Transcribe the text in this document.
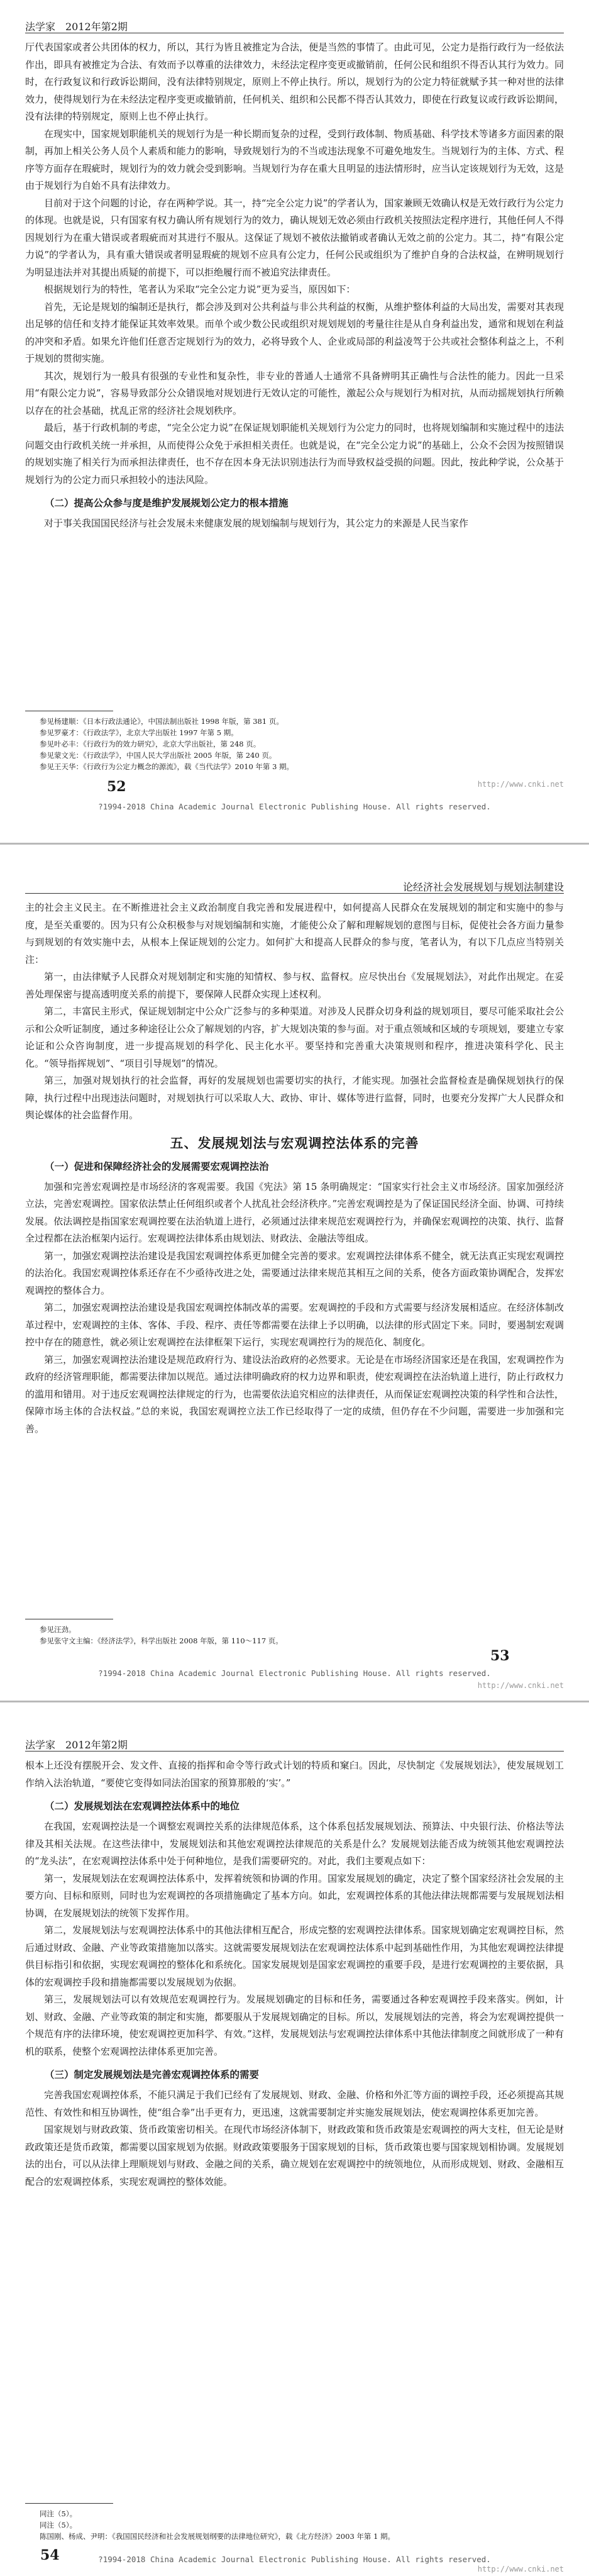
法学家　2012年第2期

厅代表国家或者公共团体的权力，所以，其行为皆且被推定为合法，便是当然的事情了。由此可见，公定力是指行政行为一经依法作出，即具有被推定为合法、有效而予以尊重的法律效力，未经法定程序变更或撤销前，任何公民和组织不得否认其行为效力。同时，在行政复议和行政诉讼期间，没有法律特别规定，原则上不停止执行。所以，规划行为的公定力特征就赋予其一种对世的法律效力，使得规划行为在未经法定程序变更或撤销前，任何机关、组织和公民都不得否认其效力，即使在行政复议或行政诉讼期间，没有法律的特别规定，原则上也不停止执行。

在现实中，国家规划职能机关的规划行为是一种长期而复杂的过程，受到行政体制、物质基础、科学技术等诸多方面因素的限制，再加上相关公务人员个人素质和能力的影响，导致规划行为的不当或违法现象不可避免地发生。当规划行为的主体、方式、程序等方面存在瑕疵时，规划行为的效力就会受到影响。当规划行为存在重大且明显的违法情形时，应当认定该规划行为无效，这是由于规划行为自始不具有法律效力。

目前对于这个问题的讨论，存在两种学说。其一，持“完全公定力说”的学者认为，国家兼顾无效确认权是无效行政行为公定力的体现。也就是说，只有国家有权力确认所有规划行为的效力，确认规划无效必须由行政机关按照法定程序进行，其他任何人不得因规划行为在重大错误或者瑕疵而对其进行不服从。这保证了规划不被依法撤销或者确认无效之前的公定力。其二，持“有限公定力说”的学者认为，具有重大错误或者明显瑕疵的规划不应具有公定力，任何公民或组织为了维护自身的合法权益，在辨明规划行为明显违法并对其提出质疑的前提下，可以拒绝履行而不被追究法律责任。

根据规划行为的特性，笔者认为采取“完全公定力说”更为妥当，原因如下：

首先，无论是规划的编制还是执行，都会涉及到对公共利益与非公共利益的权衡，从维护整体利益的大局出发，需要对其表现出足够的信任和支持才能保证其效率效果。而单个或少数公民或组织对规划规划的考量往往是从自身利益出发，通常和规划在利益的冲突和矛盾。如果允许他们任意否定规划行为的效力，必将导致个人、企业或局部的利益凌驾于公共或社会整体利益之上，不利于规划的贯彻实施。

其次，规划行为一般具有很强的专业性和复杂性，非专业的普通人士通常不具备辨明其正确性与合法性的能力。因此一旦采用“有限公定力说”，容易导致部分公众错误地对规划进行无效认定的可能性，激起公众与规划行为相对抗，从而动摇规划执行所赖以存在的社会基础，扰乱正常的经济社会规划秩序。

最后，基于行政机制的考虑，“完全公定力说”在保证规划职能机关规划行为公定力的同时，也将规划编制和实施过程中的违法问题交由行政机关统一并承担，从而使得公众免于承担相关责任。也就是说，在“完全公定力说”的基础上，公众不会因为按照错误的规划实施了相关行为而承担法律责任，也不存在因本身无法识别违法行为而导致权益受损的问题。因此，按此种学说，公众基于规划行为的公定力而只承担较小的违法风险。

（二）提高公众参与度是维护发展规划公定力的根本措施

对于事关我国国民经济与社会发展未来健康发展的规划编制与规划行为，其公定力的来源是人民当家作

参见杨建顺：《日本行政法通论》，中国法制出版社 1998 年版，第 381 页。
参见罗豪才：《行政法学》，北京大学出版社 1997 年第 5 期。
参见叶必丰：《行政行为的效力研究》，北京大学出版社，第 248 页。
参见蒙文光：《行政法学》，中国人民大学出版社 2005 年版，第 240 页。
参见王天华：《行政行为公定力概念的源流》，载《当代法学》2010 年第 3 期。
52
?1994-2018 China Academic Journal Electronic Publishing House. All rights reserved.
http://www.cnki.net
论经济社会发展规划与规划法制建设

主的社会主义民主。在不断推进社会主义政治制度自我完善和发展进程中，如何提高人民群众在发展规划的制定和实施中的参与度，是至关重要的。因为只有公众积极参与对规划编制和实施，才能使公众了解和理解规划的意图与目标，促使社会各方面力量参与到规划的有效实施中去，从根本上保证规划的公定力。如何扩大和提高人民群众的参与度，笔者认为，有以下几点应当特别关注：

第一，由法律赋予人民群众对规划制定和实施的知情权、参与权、监督权。应尽快出台《发展规划法》，对此作出规定。在妥善处理保密与提高透明度关系的前提下，要保障人民群众实现上述权利。

第二，丰富民主形式，保证规划制定中公众广泛参与的多种渠道。对涉及人民群众切身利益的规划项目，要尽可能采取社会公示和公众听证制度，通过多种途径让公众了解规划的内容，扩大规划决策的参与面。对于重点领域和区域的专项规划，要建立专家论证和公众咨询制度，进一步提高规划的科学化、民主化水平。要坚持和完善重大决策规则和程序，推进决策科学化、民主化。“领导指挥规划”、“项目引导规划”的情况。

第三，加强对规划执行的社会监督，再好的发展规划也需要切实的执行，才能实现。加强社会监督检查是确保规划执行的保障，执行过程中出现违法问题时，对规划执行可以采取人大、政协、审计、媒体等进行监督，同时，也要充分发挥广大人民群众和舆论媒体的社会监督作用。

五、发展规划法与宏观调控法体系的完善
（一）促进和保障经济社会的发展需要宏观调控法治

加强和完善宏观调控是市场经济的客观需要。我国《宪法》第 15 条明确规定：“国家实行社会主义市场经济。国家加强经济立法，完善宏观调控。国家依法禁止任何组织或者个人扰乱社会经济秩序。”完善宏观调控是为了保证国民经济全面、协调、可持续发展。依法调控是指国家宏观调控要在法治轨道上进行，必须通过法律来规范宏观调控行为，并确保宏观调控的决策、执行、监督全过程都在法治框架内运行。宏观调控法律体系由规划法、财政法、金融法等组成。

第一，加强宏观调控法治建设是我国宏观调控体系更加健全完善的要求。宏观调控法律体系不健全，就无法真正实现宏观调控的法治化。我国宏观调控体系还存在不少亟待改进之处，需要通过法律来规范其相互之间的关系，使各方面政策协调配合，发挥宏观调控的整体合力。

第二，加强宏观调控法治建设是我国宏观调控体制改革的需要。宏观调控的手段和方式需要与经济发展相适应。在经济体制改革过程中，宏观调控的主体、客体、手段、程序、责任等都需要在法律上予以明确，以法律的形式固定下来。同时，要遏制宏观调控中存在的随意性，就必须让宏观调控在法律框架下运行，实现宏观调控行为的规范化、制度化。

第三，加强宏观调控法治建设是规范政府行为、建设法治政府的必然要求。无论是在市场经济国家还是在我国，宏观调控作为政府的经济管理职能，都需要法律加以规范。通过法律明确政府的权力边界和职责，使宏观调控在法治轨道上进行，防止行政权力的滥用和错用。对于违反宏观调控法律规定的行为，也需要依法追究相应的法律责任，从而保证宏观调控决策的科学性和合法性，保障市场主体的合法权益。”总的来说，我国宏观调控立法工作已经取得了一定的成绩，但仍存在不少问题，需要进一步加强和完善。

参见汪劲。
参见张守文主编：《经济法学》，科学出版社 2008 年版，第 110～117 页。
53
?1994-2018 China Academic Journal Electronic Publishing House. All rights reserved.
http://www.cnki.net
法学家　2012年第2期

根本上还没有摆脱开会、发文件、直接的指挥和命令等行政式计划的特质和窠臼。因此，尽快制定《发展规划法》，使发展规划工作纳入法治轨道，“要使它变得如同法治国家的预算那般的‘实’。”

（二）发展规划法在宏观调控法体系中的地位

在我国，宏观调控法是一个调整宏观调控关系的法律规范体系，这个体系包括发展规划法、预算法、中央银行法、价格法等法律及其相关法规。在这些法律中，发展规划法和其他宏观调控法律规范的关系是什么？发展规划法能否成为统领其他宏观调控法的“龙头法”，在宏观调控法体系中处于何种地位，是我们需要研究的。对此，我们主要观点如下：

第一，发展规划法在宏观调控法体系中，发挥着统领和协调的作用。国家发展规划的确定，决定了整个国家经济社会发展的主要方向、目标和原则，同时也为宏观调控的各项措施确定了基本方向。如此，宏观调控体系的其他法律法规都需要与发展规划法相协调，在发展规划法的统领下发挥作用。

第二，发展规划法与宏观调控法体系中的其他法律相互配合，形成完整的宏观调控法律体系。国家规划确定宏观调控目标，然后通过财政、金融、产业等政策措施加以落实。这就需要发展规划法在宏观调控法体系中起到基础性作用，为其他宏观调控法律提供目标指引和依据，实现宏观调控的整体化和系统化。国家发展规划是国家宏观调控的重要手段，是进行宏观调控的主要依据，具体的宏观调控手段和措施都需要以发展规划为依据。

第三，发展规划法可以有效规范宏观调控行为。发展规划确定的目标和任务，需要通过各种宏观调控手段来落实。例如，计划、财政、金融、产业等政策的制定和实施，都要服从于发展规划确定的目标。所以，发展规划法的完善，将会为宏观调控提供一个规范有序的法律环境，使宏观调控更加科学、有效。”这样，发展规划法与宏观调控法律体系中其他法律制度之间就形成了一种有机的联系，使整个宏观调控法律体系更加完善。

（三）制定发展规划法是完善宏观调控体系的需要

完善我国宏观调控体系，不能只满足于我们已经有了发展规划、财政、金融、价格和外汇等方面的调控手段，还必须提高其规范性、有效性和相互协调性，使“组合拳”出手更有力，更迅速，这就需要制定并实施发展规划法，使宏观调控体系更加完善。

国家规划与财政政策、货币政策密切相关。在现代市场经济体制下，财政政策和货币政策是宏观调控的两大支柱，但无论是财政政策还是货币政策，都需要以国家规划为依据。财政政策要服务于国家规划的目标，货币政策也要与国家规划相协调。发展规划法的出台，可以从法律上理顺规划与财政、金融之间的关系，确立规划在宏观调控中的统领地位，从而形成规划、财政、金融相互配合的宏观调控体系，实现宏观调控的整体效能。

同注（5）。
同注（5）。
陈国刚、杨成、尹明：《我国国民经济和社会发展规划纲要的法律地位研究》，载《北方经济》2003 年第 1 期。
54	?1994-2018 China Academic Journal Electronic Publishing House. All rights reserved.
http://www.cnki.net
